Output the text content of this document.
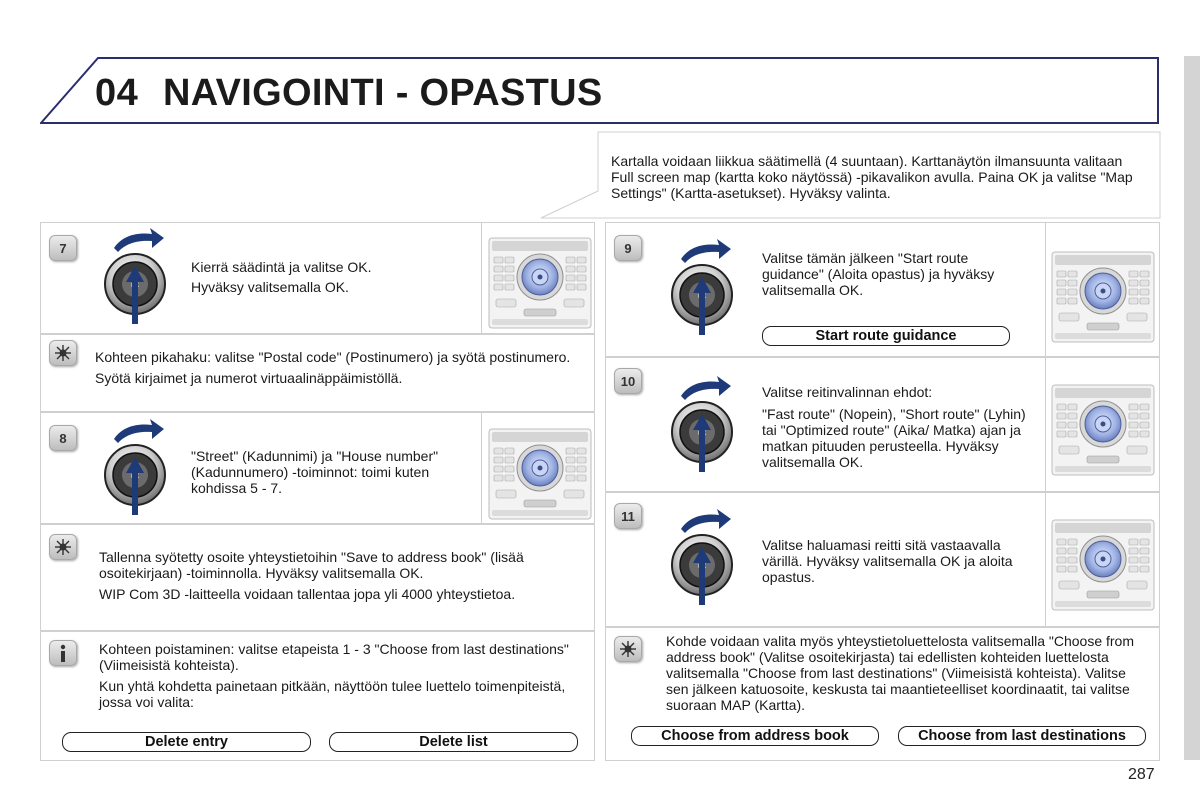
04 NAVIGOINTI - OPASTUS
Kartalla voidaan liikkua säätimellä (4 suuntaan). Karttanäytön ilmansuunta valitaan Full screen map (kartta koko näytössä) -pikavalikon avulla. Paina OK ja valitse "Map Settings" (Kartta-asetukset). Hyväksy valinta.
7

Kierrä säädintä ja valitse OK.

Hyväksy valitsemalla OK.

Kohteen pikahaku: valitse "Postal code" (Postinumero) ja syötä postinumero.

Syötä kirjaimet ja numerot virtuaalinäppäimistöllä.

8
"Street" (Kadunnimi) ja "House number" (Kadunnumero) -toiminnot: toimi kuten kohdissa 5 - 7.

Tallenna syötetty osoite yhteystietoihin "Save to address book" (lisää osoitekirjaan) -toiminnolla. Hyväksy valitsemalla OK.

WIP Com 3D -laitteella voidaan tallentaa jopa yli 4000 yhteystietoa.

Kohteen poistaminen: valitse etapeista 1 - 3 "Choose from last destinations" (Viimeisistä kohteista).

Kun yhtä kohdetta painetaan pitkään, näyttöön tulee luettelo toimenpiteistä, jossa voi valita:

Delete entry	Delete list
9
Valitse tämän jälkeen "Start route guidance" (Aloita opastus) ja hyväksy valitsemalla OK.
Start route guidance
10

Valitse reitinvalinnan ehdot:

"Fast route" (Nopein), "Short route" (Lyhin) tai "Optimized route" (Aika/ Matka) ajan ja matkan pituuden perusteella. Hyväksy valitsemalla OK.

11
Valitse haluamasi reitti sitä vastaavalla värillä. Hyväksy valitsemalla OK ja aloita opastus.
Kohde voidaan valita myös yhteystietoluettelosta valitsemalla "Choose from address book" (Valitse osoitekirjasta) tai edellisten kohteiden luettelosta valitsemalla "Choose from last destinations" (Viimeisistä kohteista). Valitse sen jälkeen katuosoite, keskusta tai maantieteelliset koordinaatit, tai valitse suoraan MAP (Kartta).
Choose from address book	Choose from last destinations
287
